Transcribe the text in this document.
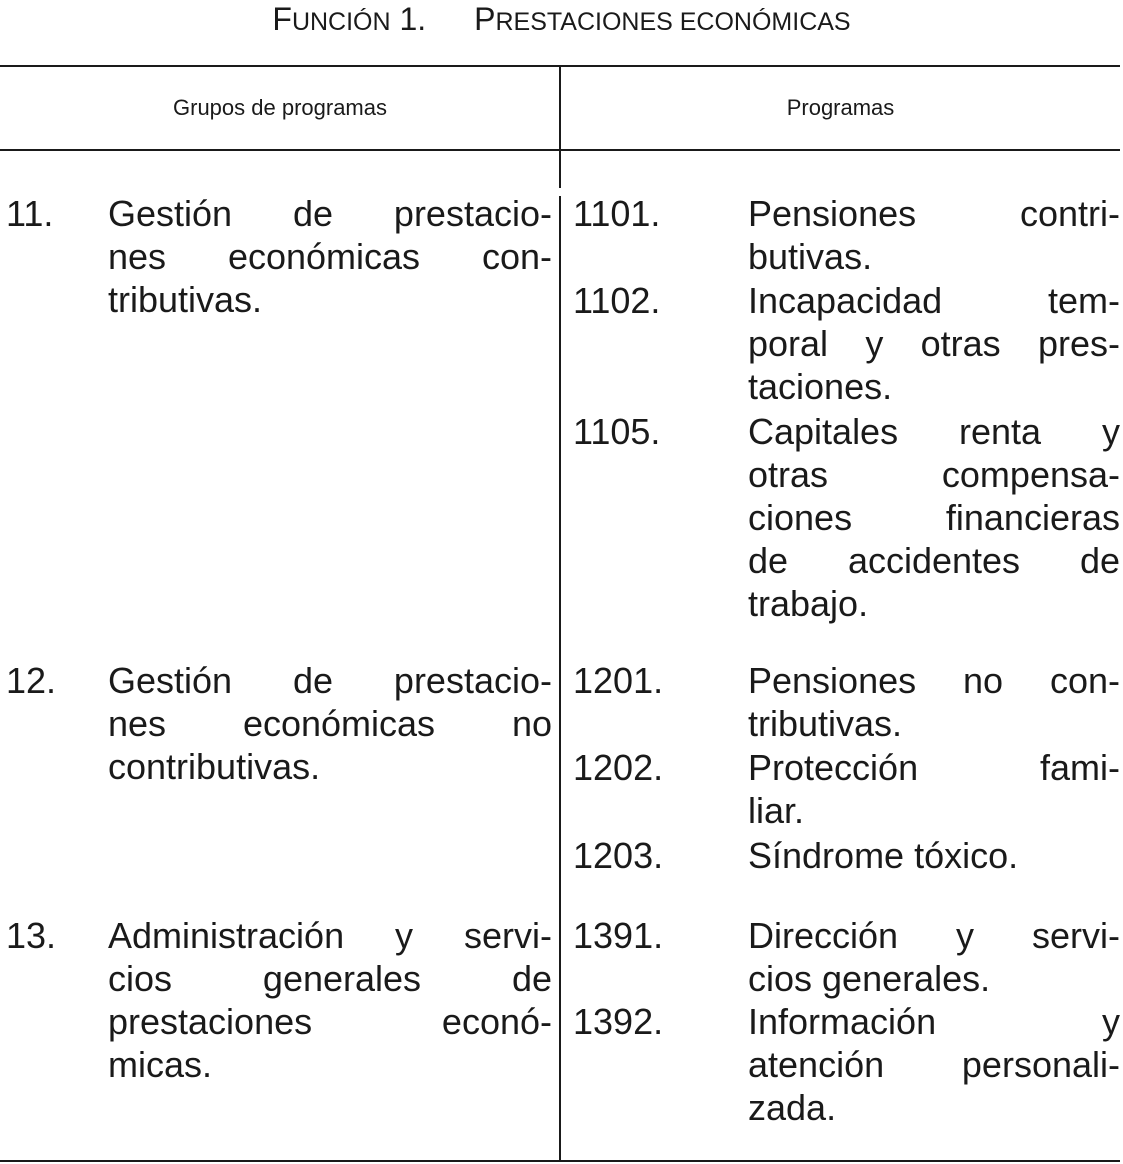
FUNCIÓN 1. PRESTACIONES ECONÓMICAS
Grupos de programas	Programas
11. Gestión de prestacio-
nes económicas con-
tributivas.
12. Gestión de prestacio-
nes económicas no
contributivas.
13. Administración y servi-
cios generales de
prestaciones econó-
micas.
1101. Pensiones contri-
butivas.
1102. Incapacidad tem-
poral y otras pres-
taciones.
1105. Capitales renta y
otras compensa-
ciones financieras
de accidentes de
trabajo.
1201. Pensiones no con-
tributivas.
1202. Protección fami-
liar.
1203. Síndrome tóxico.
1391. Dirección y servi-
cios generales.
1392. Información y
atención personali-
zada.
